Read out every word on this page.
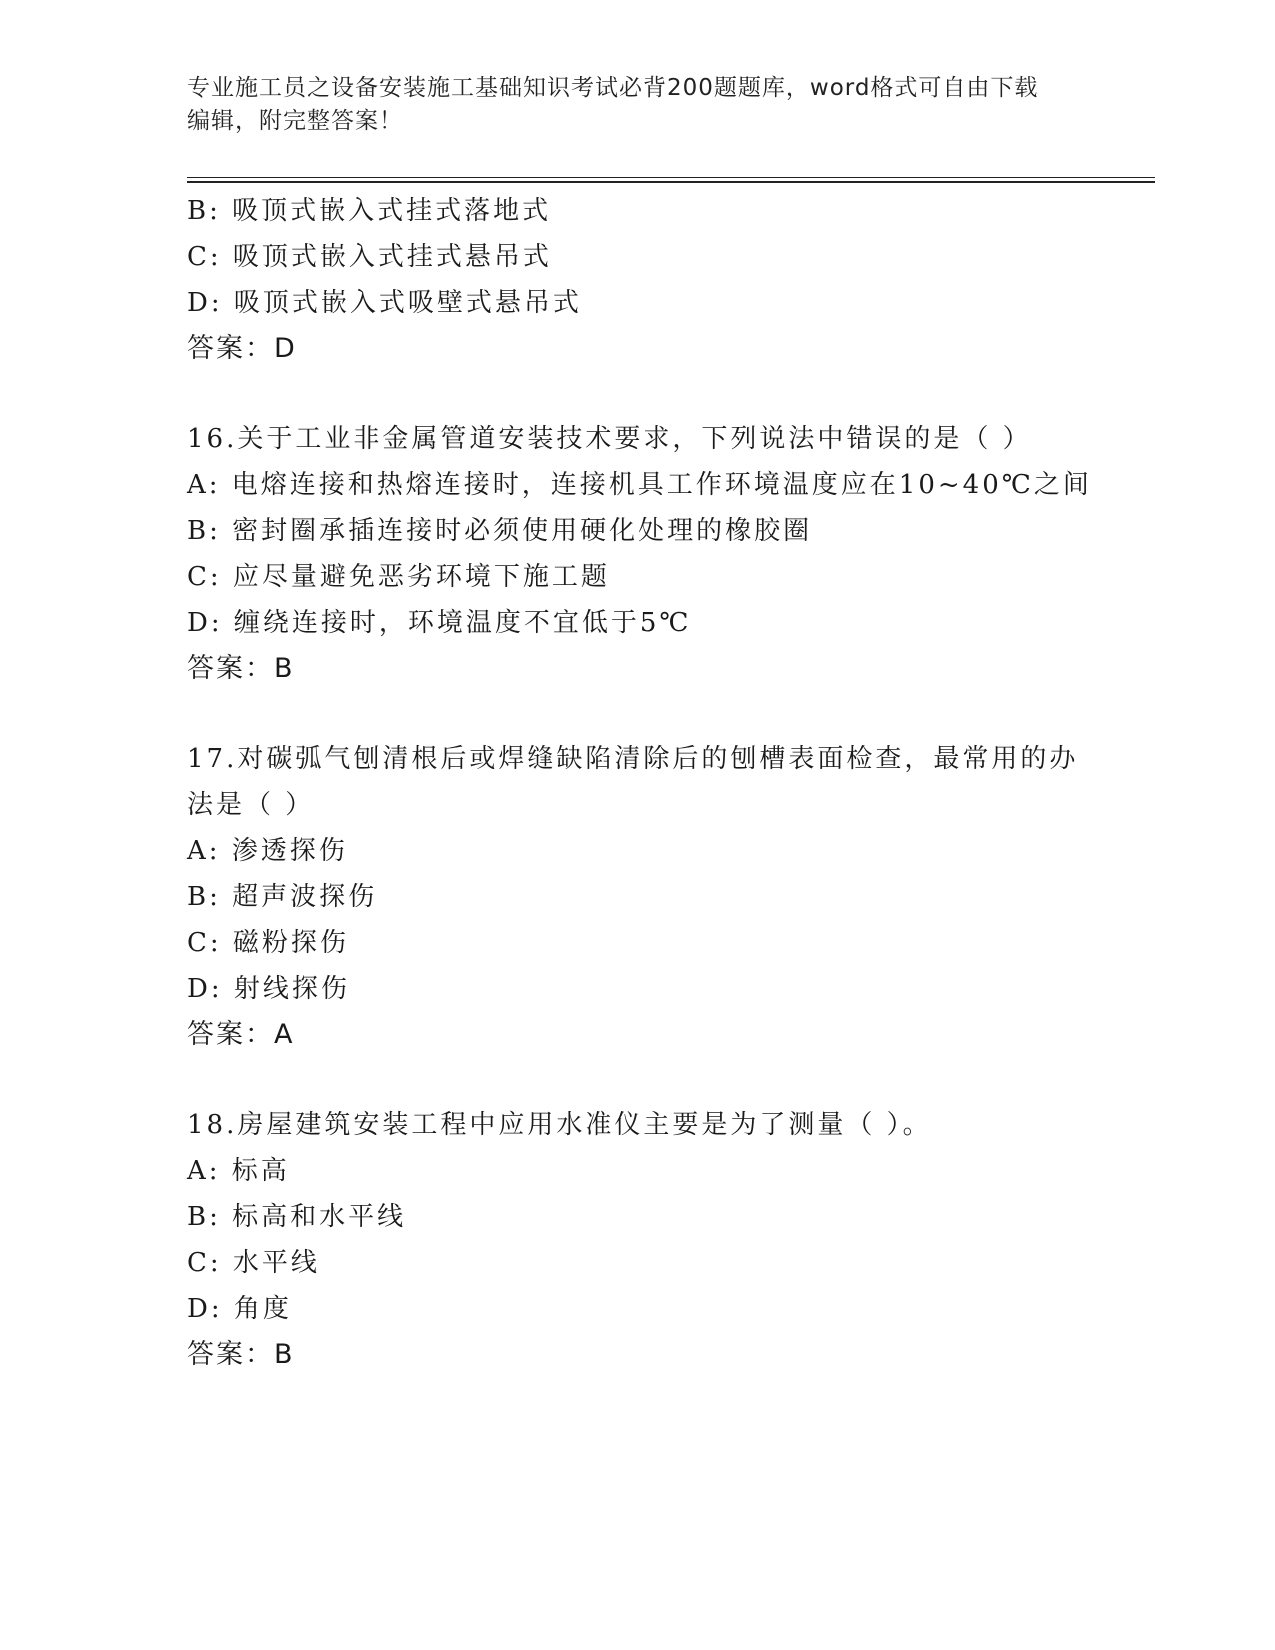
专业施工员之设备安装施工基础知识考试必背200题题库，word格式可自由下载
编辑，附完整答案！
B: 吸顶式嵌入式挂式落地式
C: 吸顶式嵌入式挂式悬吊式
D: 吸顶式嵌入式吸壁式悬吊式
答案：D
16.关于工业非金属管道安装技术要求，下列说法中错误的是（ ）
A: 电熔连接和热熔连接时，连接机具工作环境温度应在10~40℃之间
B: 密封圈承插连接时必须使用硬化处理的橡胶圈
C: 应尽量避免恶劣环境下施工题
D: 缠绕连接时，环境温度不宜低于5℃
答案：B
17.对碳弧气刨清根后或焊缝缺陷清除后的刨槽表面检查，最常用的办
法是（ ）
A: 渗透探伤
B: 超声波探伤
C: 磁粉探伤
D: 射线探伤
答案：A
18.房屋建筑安装工程中应用水准仪主要是为了测量（ ）。
A: 标高
B: 标高和水平线
C: 水平线
D: 角度
答案：B
